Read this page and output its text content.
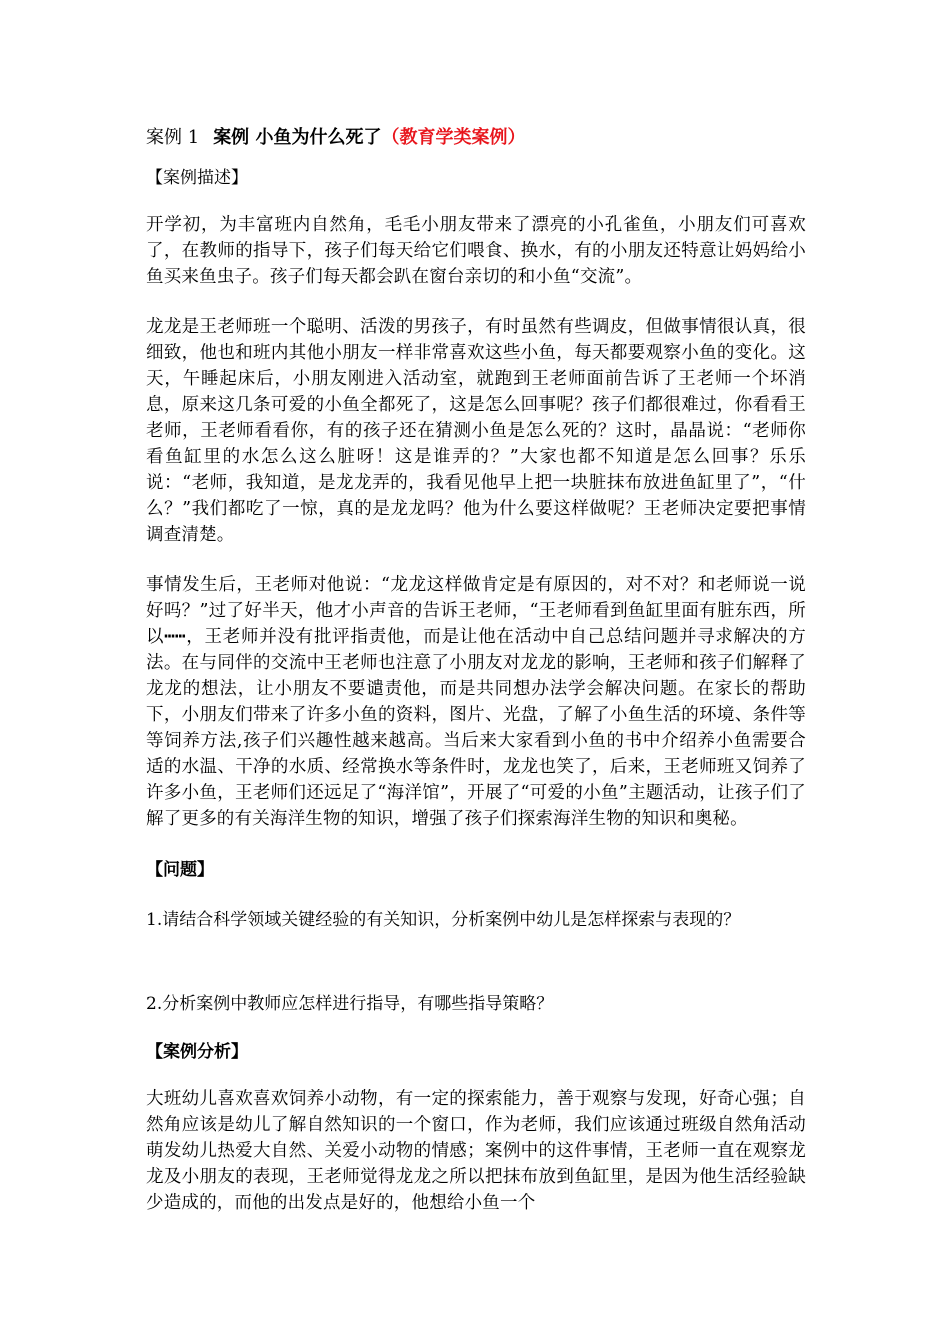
案例 1 案例 小鱼为什么死了（教育学类案例）
【案例描述】

开学初，为丰富班内自然角，毛毛小朋友带来了漂亮的小孔雀鱼，小朋友们可喜欢了，在教师的指导下，孩子们每天给它们喂食、换水，有的小朋友还特意让妈妈给小鱼买来鱼虫子。孩子们每天都会趴在窗台亲切的和小鱼“交流”。

龙龙是王老师班一个聪明、活泼的男孩子，有时虽然有些调皮，但做事情很认真，很细致，他也和班内其他小朋友一样非常喜欢这些小鱼，每天都要观察小鱼的变化。这天，午睡起床后，小朋友刚进入活动室，就跑到王老师面前告诉了王老师一个坏消息，原来这几条可爱的小鱼全都死了，这是怎么回事呢？孩子们都很难过，你看看王老师，王老师看看你，有的孩子还在猜测小鱼是怎么死的？这时，晶晶说：“老师你看鱼缸里的水怎么这么脏呀！这是谁弄的？”大家也都不知道是怎么回事？乐乐说：“老师，我知道，是龙龙弄的，我看见他早上把一块脏抹布放进鱼缸里了”，“什么？”我们都吃了一惊，真的是龙龙吗？他为什么要这样做呢？王老师决定要把事情调查清楚。

事情发生后，王老师对他说：“龙龙这样做肯定是有原因的，对不对？和老师说一说好吗？”过了好半天，他才小声音的告诉王老师，“王老师看到鱼缸里面有脏东西，所以┅┅，王老师并没有批评指责他，而是让他在活动中自己总结问题并寻求解决的方法。在与同伴的交流中王老师也注意了小朋友对龙龙的影响，王老师和孩子们解释了龙龙的想法，让小朋友不要谴责他，而是共同想办法学会解决问题。在家长的帮助下，小朋友们带来了许多小鱼的资料，图片、光盘，了解了小鱼生活的环境、条件等等饲养方法,孩子们兴趣性越来越高。当后来大家看到小鱼的书中介绍养小鱼需要合适的水温、干净的水质、经常换水等条件时，龙龙也笑了，后来，王老师班又饲养了许多小鱼，王老师们还远足了“海洋馆”，开展了“可爱的小鱼”主题活动，让孩子们了解了更多的有关海洋生物的知识，增强了孩子们探索海洋生物的知识和奥秘。

【问题】

1.请结合科学领域关键经验的有关知识，分析案例中幼儿是怎样探索与表现的？

2.分析案例中教师应怎样进行指导，有哪些指导策略？

【案例分析】

大班幼儿喜欢喜欢饲养小动物，有一定的探索能力，善于观察与发现，好奇心强；自然角应该是幼儿了解自然知识的一个窗口，作为老师，我们应该通过班级自然角活动萌发幼儿热爱大自然、关爱小动物的情感；案例中的这件事情，王老师一直在观察龙龙及小朋友的表现，王老师觉得龙龙之所以把抹布放到鱼缸里，是因为他生活经验缺少造成的，而他的出发点是好的，他想给小鱼一个
